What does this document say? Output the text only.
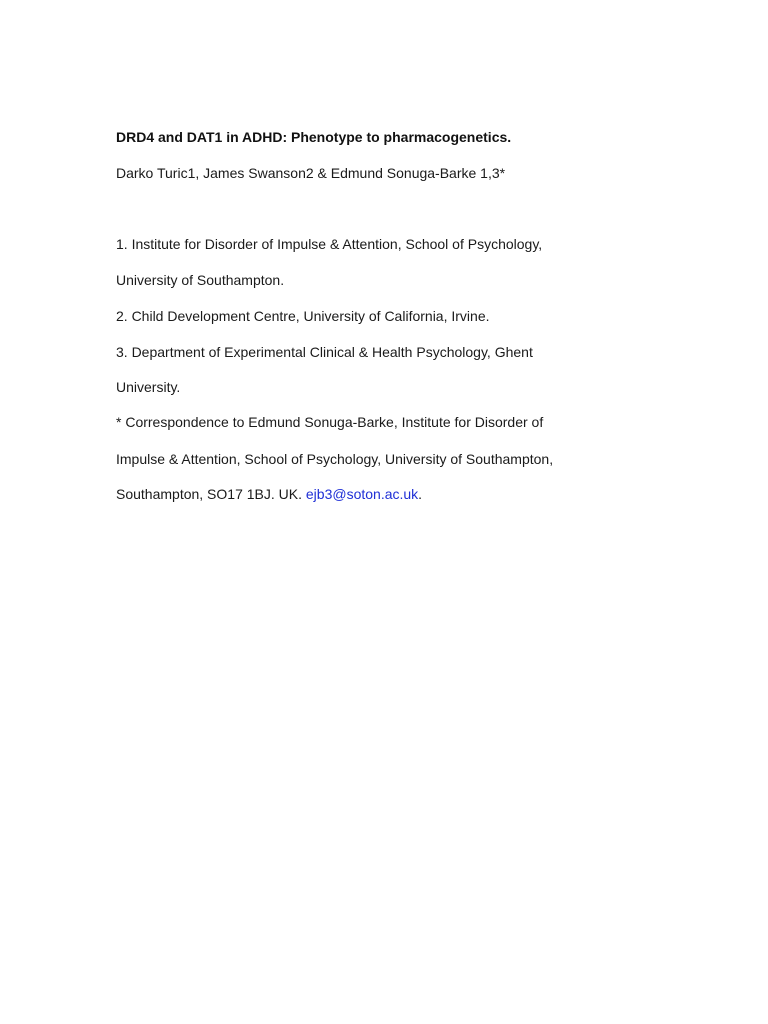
DRD4 and DAT1 in ADHD: Phenotype to pharmacogenetics.
Darko Turic1, James Swanson2 & Edmund Sonuga-Barke 1,3*
1. Institute for Disorder of Impulse & Attention, School of Psychology,
University of Southampton.
2. Child Development Centre, University of California, Irvine.
3. Department of Experimental Clinical & Health Psychology, Ghent
University.
* Correspondence to Edmund Sonuga-Barke, Institute for Disorder of
Impulse & Attention, School of Psychology, University of Southampton,
Southampton, SO17 1BJ. UK. ejb3@soton.ac.uk.
